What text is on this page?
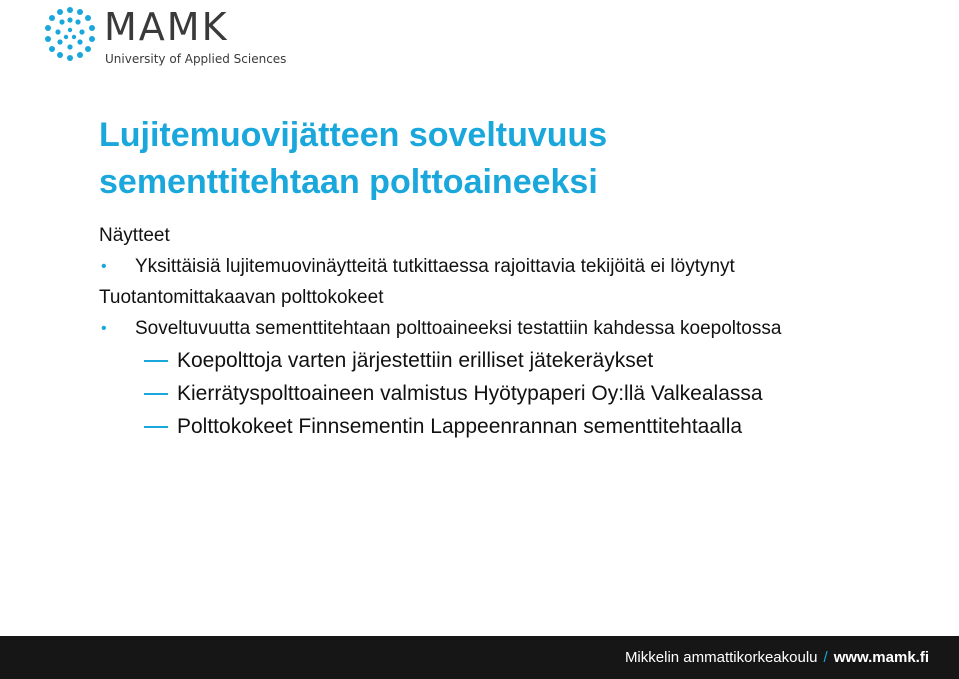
MAMK
University of Applied Sciences
Lujitemuovijätteen soveltuvuus
sementtitehtaan polttoaineeksi

Näytteet

• Yksittäisiä lujitemuovinäytteitä tutkittaessa rajoittavia tekijöitä ei löytynyt

Tuotantomittakaavan polttokokeet

• Soveltuvuutta sementtitehtaan polttoaineeksi testattiin kahdessa koepoltossa

Koepolttoja varten järjestettiin erilliset jätekeräykset

Kierrätyspolttoaineen valmistus Hyötypaperi Oy:llä Valkealassa

Polttokokeet Finnsementin Lappeenrannan sementtitehtaalla

Mikkelin ammattikorkeakoulu / www.mamk.fi
